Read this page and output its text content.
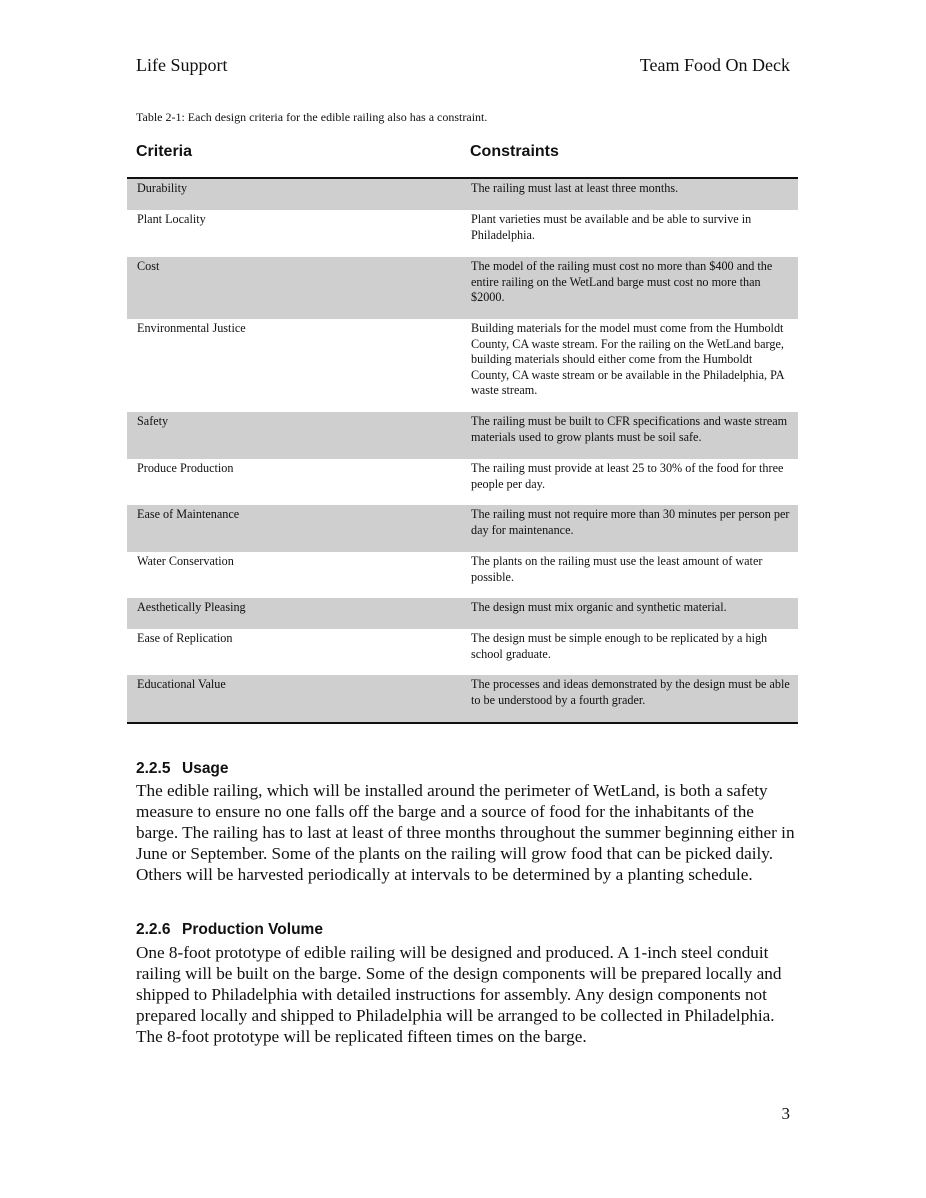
Life Support	Team Food On Deck
Table 2-1: Each design criteria for the edible railing also has a constraint.
Criteria	Constraints
Durability	The railing must last at least three months.
Plant Locality	Plant varieties must be available and be able to survive in Philadelphia.
Cost	The model of the railing must cost no more than $400 and the entire railing on the WetLand barge must cost no more than $2000.
Environmental Justice	Building materials for the model must come from the Humboldt County, CA waste stream. For the railing on the WetLand barge, building materials should either come from the Humboldt County, CA waste stream or be available in the Philadelphia, PA waste stream.
Safety	The railing must be built to CFR specifications and waste stream materials used to grow plants must be soil safe.
Produce Production	The railing must provide at least 25 to 30% of the food for three people per day.
Ease of Maintenance	The railing must not require more than 30 minutes per person per day for maintenance.
Water Conservation	The plants on the railing must use the least amount of water possible.
Aesthetically Pleasing	The design must mix organic and synthetic material.
Ease of Replication	The design must be simple enough to be replicated by a high school graduate.
Educational Value	The processes and ideas demonstrated by the design must be able to be understood by a fourth grader.
2.2.5 Usage
The edible railing, which will be installed around the perimeter of WetLand, is both a safety measure to ensure no one falls off the barge and a source of food for the inhabitants of the barge. The railing has to last at least of three months throughout the summer beginning either in June or September. Some of the plants on the railing will grow food that can be picked daily. Others will be harvested periodically at intervals to be determined by a planting schedule.
2.2.6 Production Volume
One 8-foot prototype of edible railing will be designed and produced. A 1-inch steel conduit railing will be built on the barge. Some of the design components will be prepared locally and shipped to Philadelphia with detailed instructions for assembly. Any design components not prepared locally and shipped to Philadelphia will be arranged to be collected in Philadelphia. The 8-foot prototype will be replicated fifteen times on the barge.
3
